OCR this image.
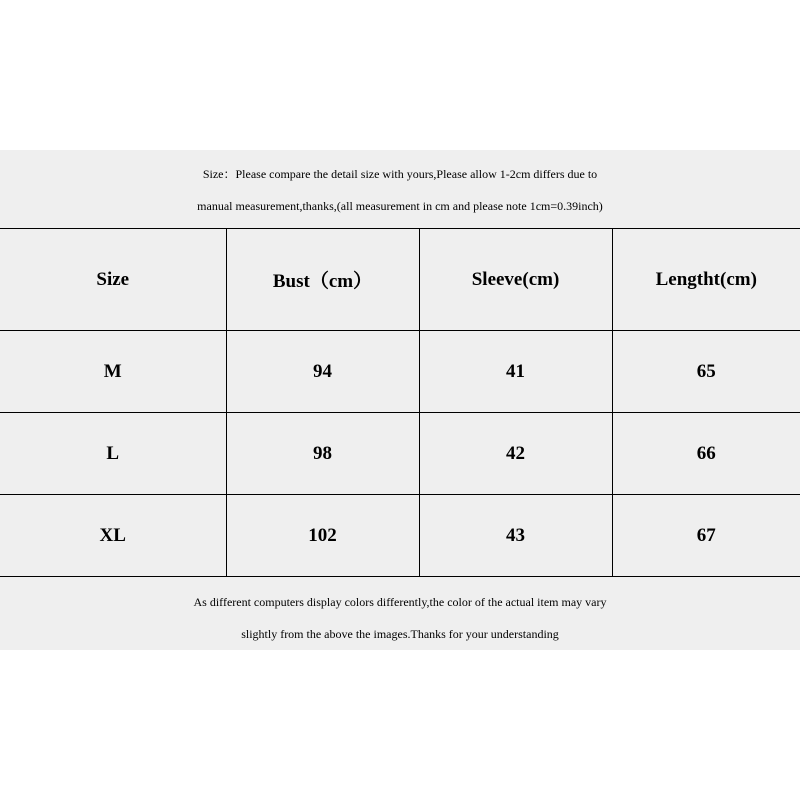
Size：Please compare the detail size with yours,Please allow 1-2cm differs due to
manual measurement,thanks,(all measurement in cm and please note 1cm=0.39inch)
Size	Bust（cm）	Sleeve(cm)	Lengtht(cm)
M	94	41	65
L	98	42	66
XL	102	43	67
As different computers display colors differently,the color of the actual item may vary
slightly from the above the images.Thanks for your understanding
